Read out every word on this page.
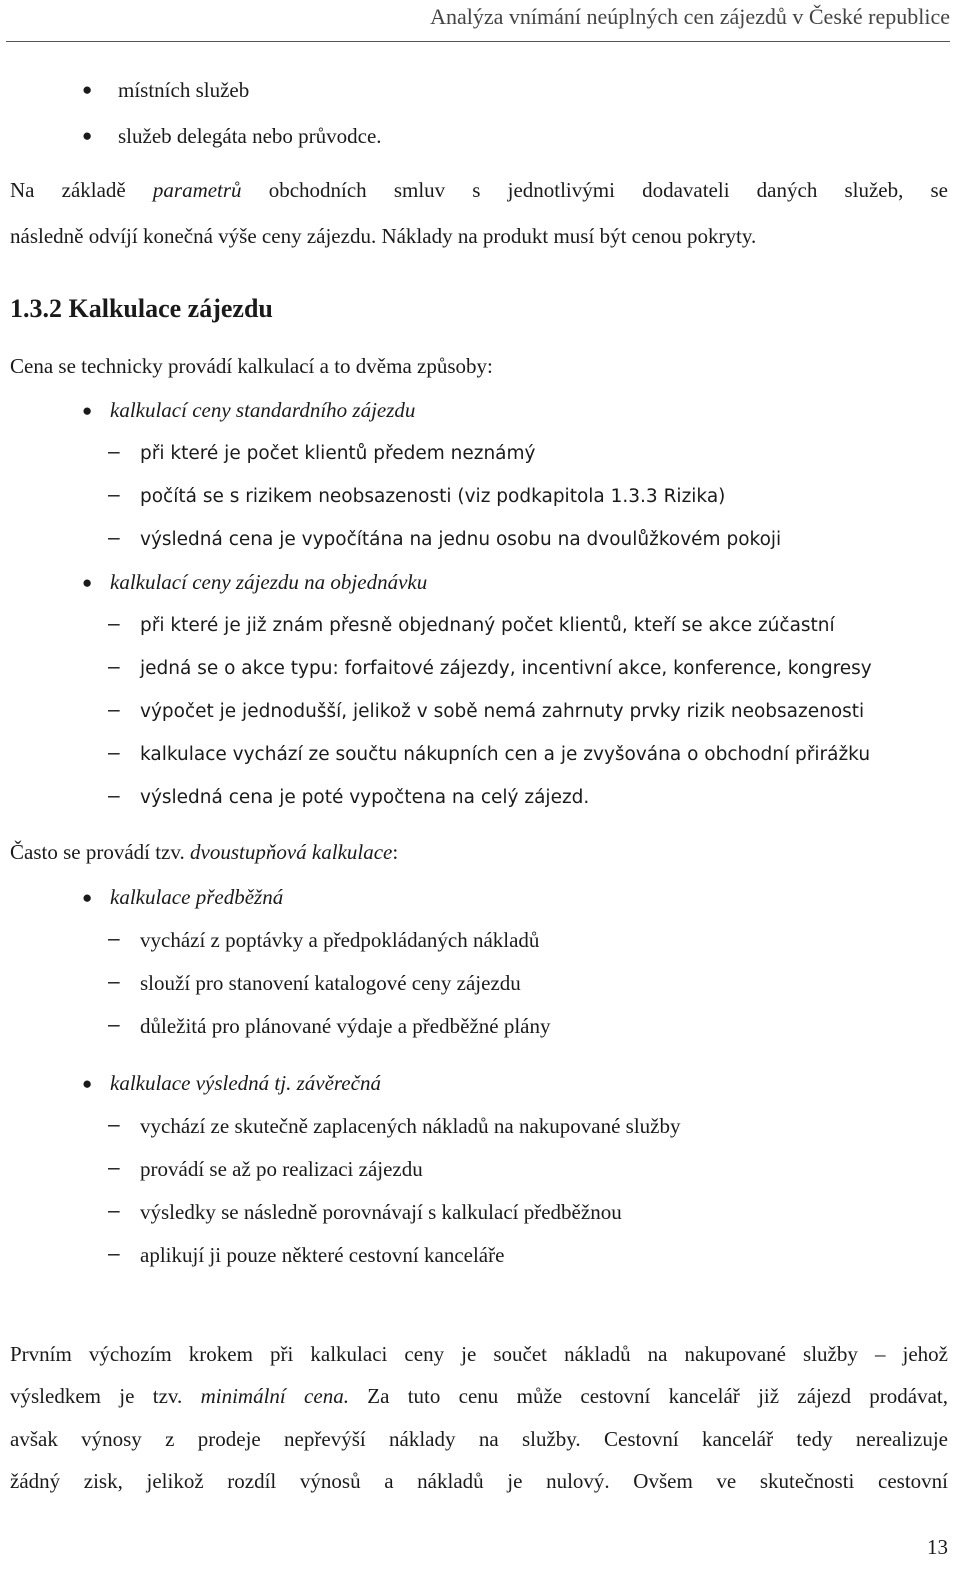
Analýza vnímání neúplných cen zájezdů v České republice
● místních služeb
● služeb delegáta nebo průvodce.
Na základě parametrů obchodních smluv s jednotlivými dodavateli daných služeb, se
následně odvíjí konečná výše ceny zájezdu. Náklady na produkt musí být cenou pokryty.
1.3.2 Kalkulace zájezdu
Cena se technicky provádí kalkulací a to dvěma způsoby:
● kalkulací ceny standardního zájezdu
– při které je počet klientů předem neznámý
– počítá se s rizikem neobsazenosti (viz podkapitola 1.3.3 Rizika)
– výsledná cena je vypočítána na jednu osobu na dvoulůžkovém pokoji
● kalkulací ceny zájezdu na objednávku
– při které je již znám přesně objednaný počet klientů, kteří se akce zúčastní
– jedná se o akce typu: forfaitové zájezdy, incentivní akce, konference, kongresy
– výpočet je jednodušší, jelikož v sobě nemá zahrnuty prvky rizik neobsazenosti
– kalkulace vychází ze součtu nákupních cen a je zvyšována o obchodní přirážku
– výsledná cena je poté vypočtena na celý zájezd.
Často se provádí tzv. dvoustupňová kalkulace:
● kalkulace předběžná
– vychází z poptávky a předpokládaných nákladů
– slouží pro stanovení katalogové ceny zájezdu
– důležitá pro plánované výdaje a předběžné plány
● kalkulace výsledná tj. závěrečná
– vychází ze skutečně zaplacených nákladů na nakupované služby
– provádí se až po realizaci zájezdu
– výsledky se následně porovnávají s kalkulací předběžnou
– aplikují ji pouze některé cestovní kanceláře
Prvním výchozím krokem při kalkulaci ceny je součet nákladů na nakupované služby – jehož
výsledkem je tzv. minimální cena. Za tuto cenu může cestovní kancelář již zájezd prodávat,
avšak výnosy z prodeje nepřevýší náklady na služby. Cestovní kancelář tedy nerealizuje
žádný zisk, jelikož rozdíl výnosů a nákladů je nulový. Ovšem ve skutečnosti cestovní
13
